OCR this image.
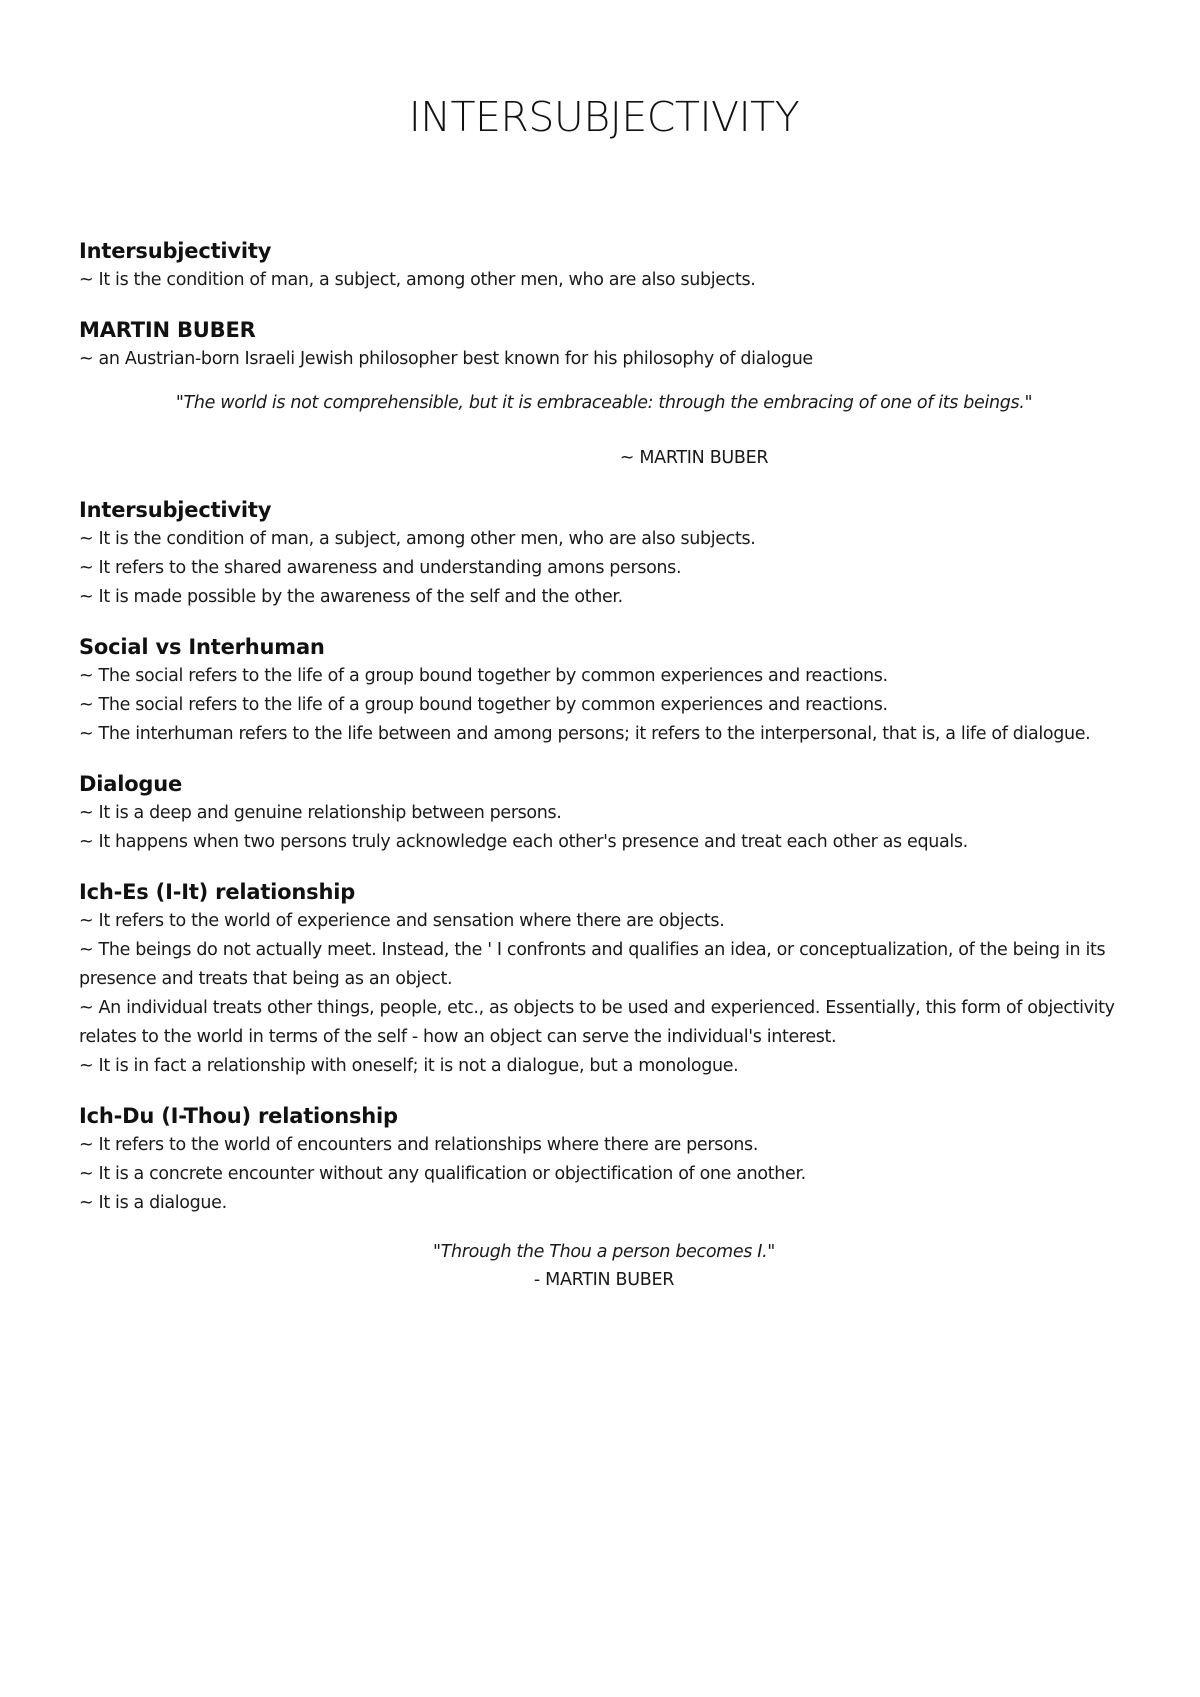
INTERSUBJECTIVITY

Intersubjectivity

~ It is the condition of man, a subject, among other men, who are also subjects.

MARTIN BUBER

~ an Austrian-born Israeli Jewish philosopher best known for his philosophy of dialogue

"The world is not comprehensible, but it is embraceable: through the embracing of one of its beings."

~ MARTIN BUBER

Intersubjectivity

~ It is the condition of man, a subject, among other men, who are also subjects.

~ It refers to the shared awareness and understanding amons persons.

~ It is made possible by the awareness of the self and the other.

Social vs Interhuman

~ The social refers to the life of a group bound together by common experiences and reactions.

~ The social refers to the life of a group bound together by common experiences and reactions.

~ The interhuman refers to the life between and among persons; it refers to the interpersonal, that is, a life of dialogue.

Dialogue

~ It is a deep and genuine relationship between persons.

~ It happens when two persons truly acknowledge each other's presence and treat each other as equals.

Ich-Es (I-It) relationship

~ It refers to the world of experience and sensation where there are objects.

~ The beings do not actually meet. Instead, the ' I confronts and qualifies an idea, or conceptualization, of the being in its presence and treats that being as an object.

~ An individual treats other things, people, etc., as objects to be used and experienced. Essentially, this form of objectivity relates to the world in terms of the self - how an object can serve the individual's interest.

~ It is in fact a relationship with oneself; it is not a dialogue, but a monologue.

Ich-Du (I-Thou) relationship

~ It refers to the world of encounters and relationships where there are persons.

~ It is a concrete encounter without any qualification or objectification of one another.

~ It is a dialogue.

"Through the Thou a person becomes I."

- MARTIN BUBER
